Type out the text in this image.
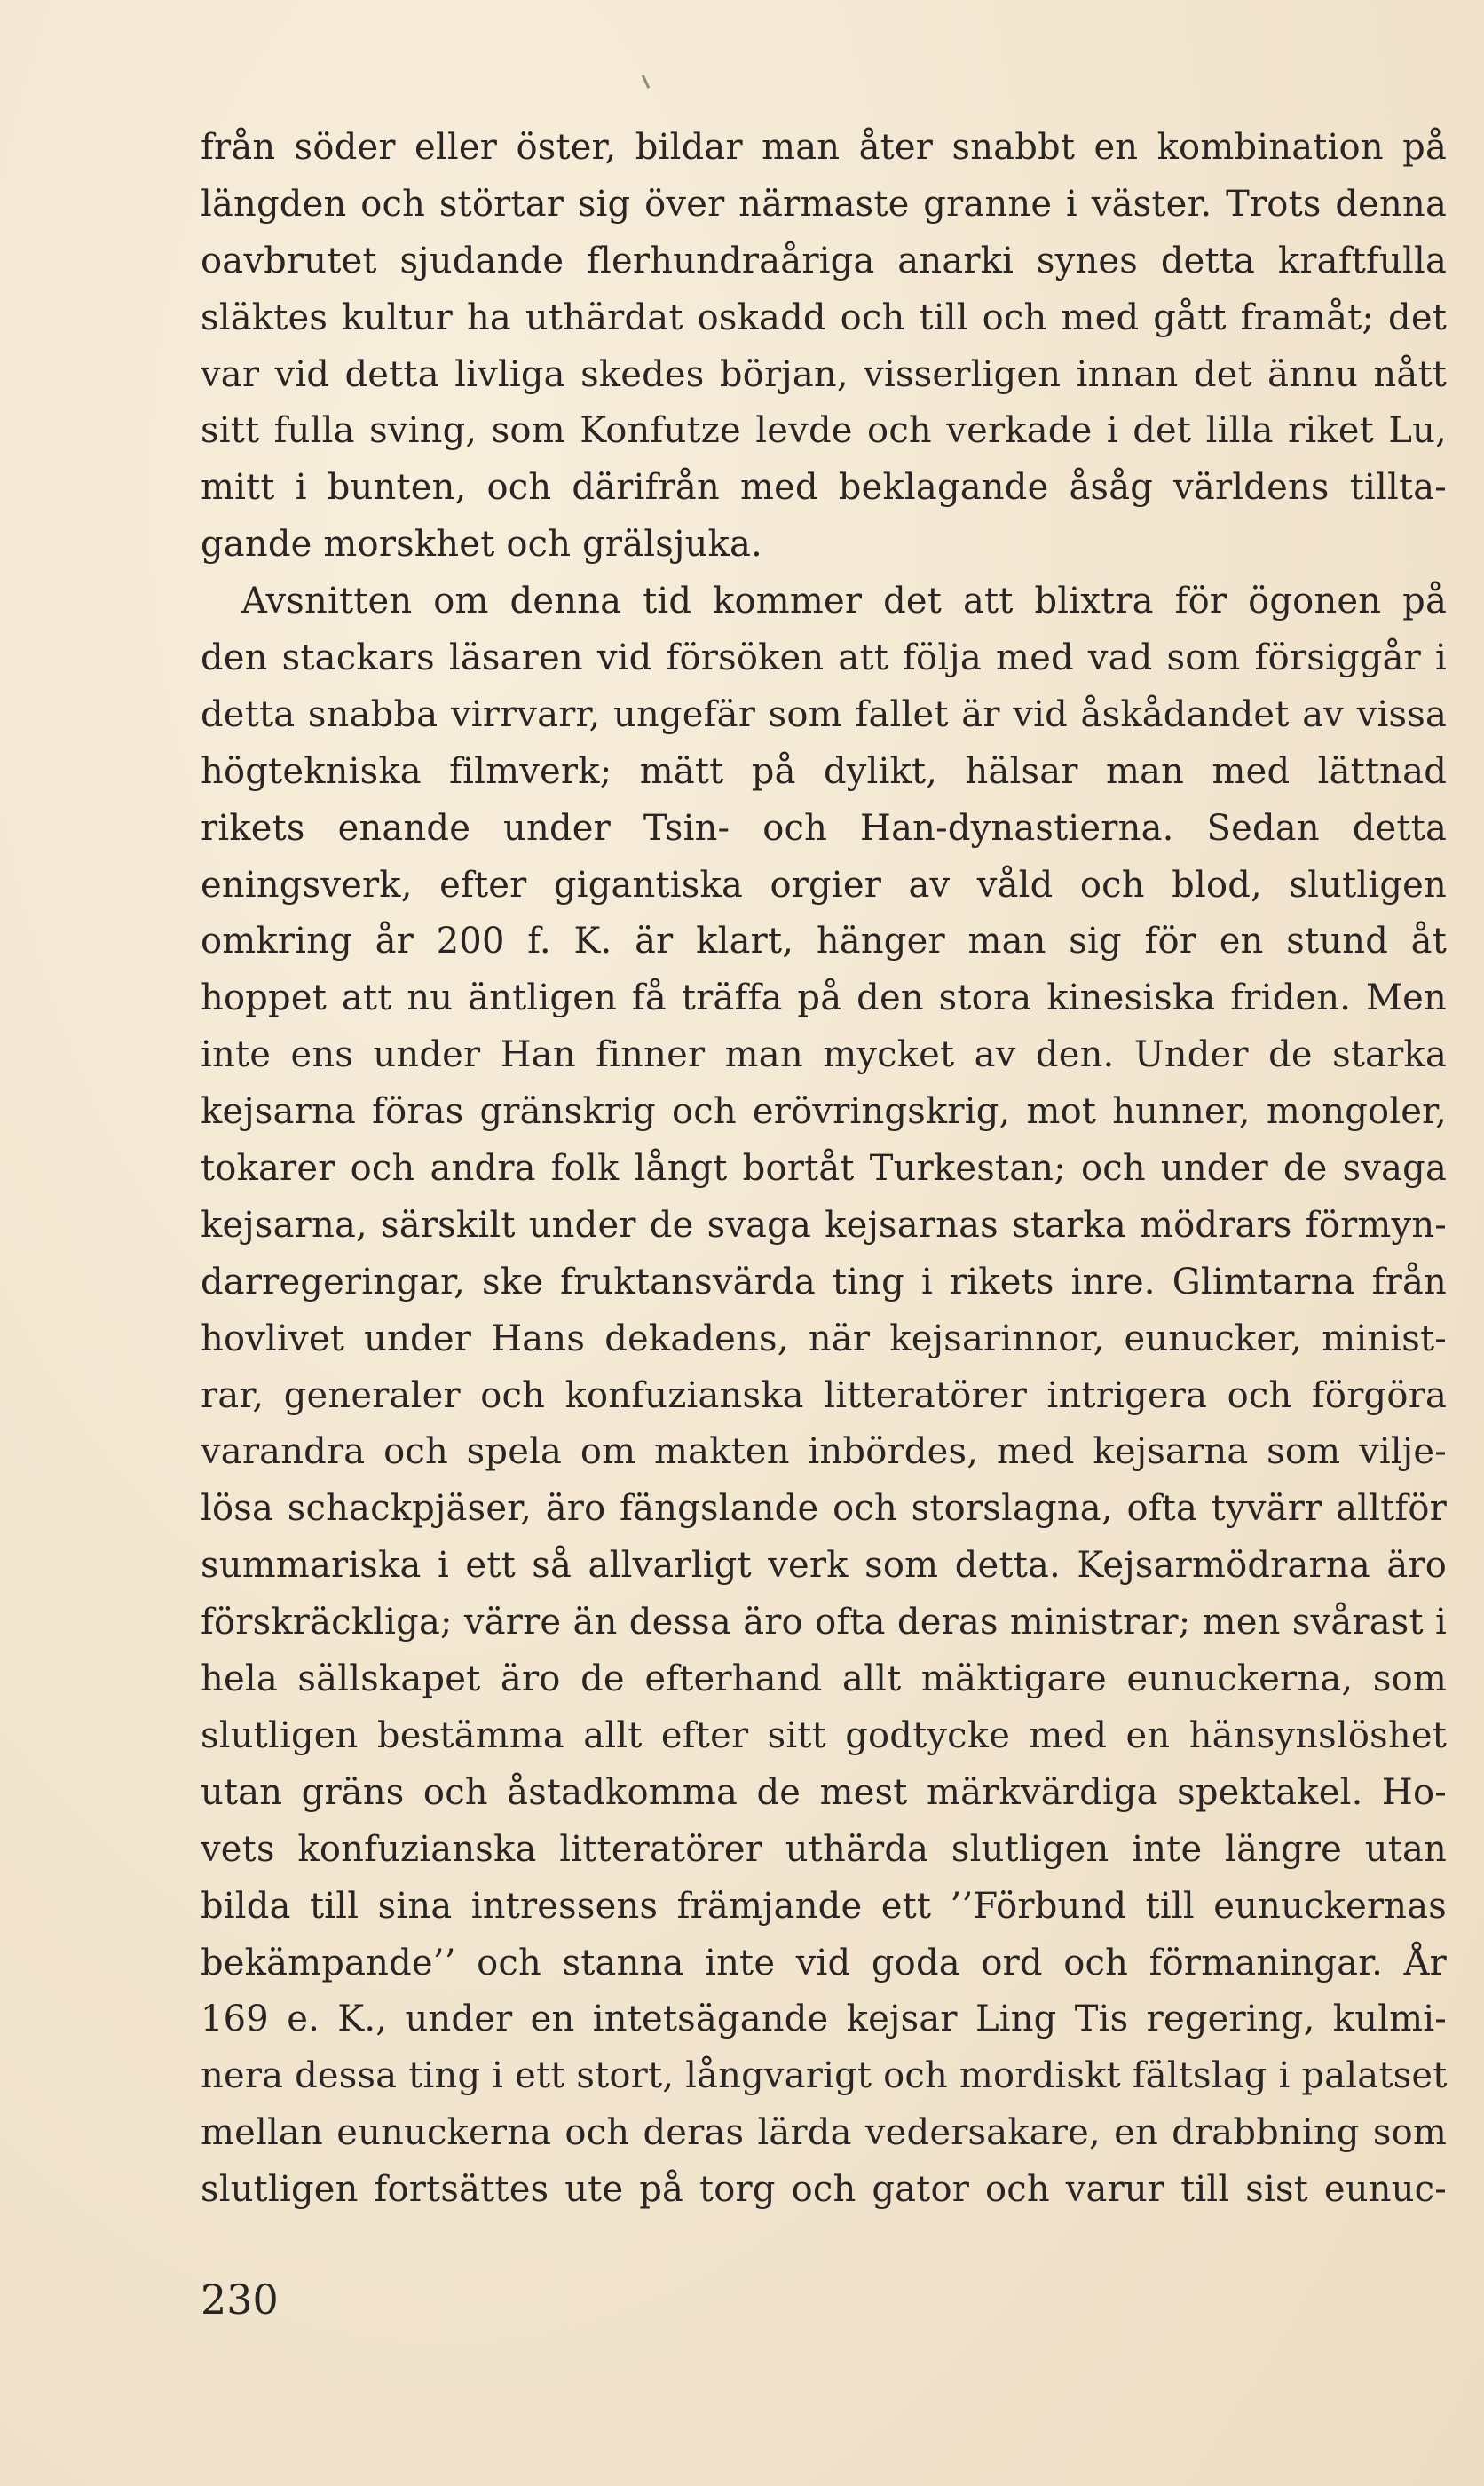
från söder eller öster, bildar man åter snabbt en kombination på
längden och störtar sig över närmaste granne i väster. Trots denna
oavbrutet sjudande flerhundraåriga anarki synes detta kraftfulla
släktes kultur ha uthärdat oskadd och till och med gått framåt; det
var vid detta livliga skedes början, visserligen innan det ännu nått
sitt fulla sving, som Konfutze levde och verkade i det lilla riket Lu,
mitt i bunten, och därifrån med beklagande åsåg världens tillta-
gande morskhet och grälsjuka.
Avsnitten om denna tid kommer det att blixtra för ögonen på
den stackars läsaren vid försöken att följa med vad som försiggår i
detta snabba virrvarr, ungefär som fallet är vid åskådandet av vissa
högtekniska filmverk; mätt på dylikt, hälsar man med lättnad
rikets enande under Tsin- och Han-dynastierna. Sedan detta
eningsverk, efter gigantiska orgier av våld och blod, slutligen
omkring år 200 f. K. är klart, hänger man sig för en stund åt
hoppet att nu äntligen få träffa på den stora kinesiska friden. Men
inte ens under Han finner man mycket av den. Under de starka
kejsarna föras gränskrig och erövringskrig, mot hunner, mongoler,
tokarer och andra folk långt bortåt Turkestan; och under de svaga
kejsarna, särskilt under de svaga kejsarnas starka mödrars förmyn-
darregeringar, ske fruktansvärda ting i rikets inre. Glimtarna från
hovlivet under Hans dekadens, när kejsarinnor, eunucker, minist-
rar, generaler och konfuzianska litteratörer intrigera och förgöra
varandra och spela om makten inbördes, med kejsarna som vilje-
lösa schackpjäser, äro fängslande och storslagna, ofta tyvärr alltför
summariska i ett så allvarligt verk som detta. Kejsarmödrarna äro
förskräckliga; värre än dessa äro ofta deras ministrar; men svårast i
hela sällskapet äro de efterhand allt mäktigare eunuckerna, som
slutligen bestämma allt efter sitt godtycke med en hänsynslöshet
utan gräns och åstadkomma de mest märkvärdiga spektakel. Ho-
vets konfuzianska litteratörer uthärda slutligen inte längre utan
bilda till sina intressens främjande ett ’’Förbund till eunuckernas
bekämpande’’ och stanna inte vid goda ord och förmaningar. År
169 e. K., under en intetsägande kejsar Ling Tis regering, kulmi-
nera dessa ting i ett stort, långvarigt och mordiskt fältslag i palatset
mellan eunuckerna och deras lärda vedersakare, en drabbning som
slutligen fortsättes ute på torg och gator och varur till sist eunuc-
230
